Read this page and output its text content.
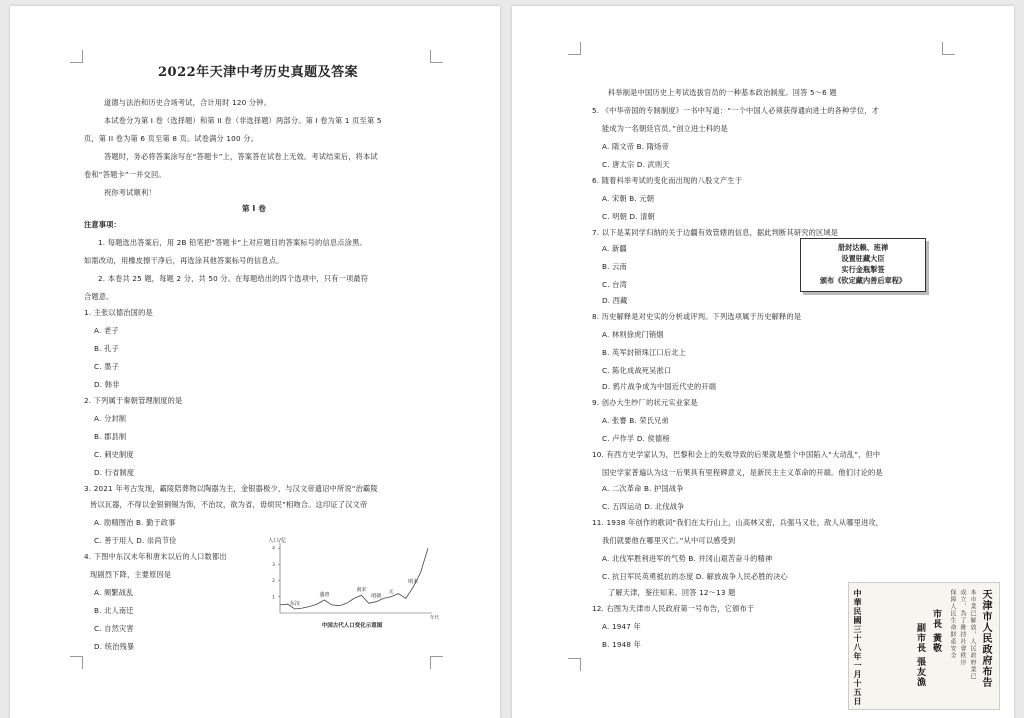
2022年天津中考历史真题及答案
道德与法治和历史合场考试，合计用时 120 分钟。
本试卷分为第 I 卷（选择题）和第 II 卷（非选择题）两部分。第 I 卷为第 1 页至第 5
页，第 II 卷为第 6 页至第 8 页。试卷满分 100 分。
答题时，务必将答案涂写在“答题卡”上，答案答在试卷上无效。考试结束后，将本试
卷和“答题卡”一并交回。
祝你考试顺利！
第 I 卷
注意事项：
1. 每题选出答案后，用 2B 铅笔把“答题卡”上对应题目的答案标号的信息点涂黑。
如需改动，用橡皮擦干净后，再选涂其他答案标号的信息点。
2. 本卷共 25 题，每题 2 分，共 50 分。在每题给出的四个选项中，只有一项最符
合题意。
1. 主张以德治国的是
A. 老子
B. 孔子
C. 墨子
D. 韩非
2. 下列属于秦朝管理制度的是
A. 分封制
B. 郡县制
C. 刺史制度
D. 行省制度
3. 2021 年考古发现，霸陵陪葬物以陶器为主，金银器极少，与汉文帝遗诏中所说“治霸陵
皆以瓦器，不得以金银铜锡为饰，不治坟，欲为省，毋烦民”相吻合。这印证了汉文帝
A. 励精图治 B. 勤于政事
C. 善于用人 D. 崇尚节俭
4. 下图中东汉末年和唐末以后的人口数都出
现剧烈下降，主要原因是
A. 频繁战乱
B. 北人南迁
C. 自然灾害
D. 统治残暴
人口/亿
4
3
2
1
东汉
盛唐
南宋
明朝
元
明末
年代
中国古代人口变化示意图
科举制是中国历史上考试选拔官员的一种基本政治制度。回答 5～6 题
5. 《中华帝国的专制制度》一书中写道：“一个中国人必须获得通向进士的各种学位，才
能成为一名朝廷官员。”创立进士科的是
A. 隋文帝 B. 隋炀帝
C. 唐太宗 D. 武则天
6. 随着科举考试的变化而出现的八股文产生于
A. 宋朝 B. 元朝
C. 明朝 D. 清朝
7. 以下是某同学归纳的关于边疆有效管辖的信息，据此判断其研究的区域是
A. 新疆
B. 云南
C. 台湾
D. 西藏
册封达赖、班禅
设置驻藏大臣
实行金瓶掣签
颁布《钦定藏内善后章程》
8. 历史解释是对史实的分析或评判。下列选项属于历史解释的是
A. 林则徐虎门销烟
B. 英军封锁珠江口后北上
C. 陈化成战死吴淞口
D. 鸦片战争成为中国近代史的开端
9. 创办大生纱厂的状元实业家是
A. 张謇 B. 荣氏兄弟
C. 卢作孚 D. 侯德榜
10. 有西方史学家认为，巴黎和会上的失败导致的后果就是整个中国陷入“大动乱”，但中
国史学家普遍认为这一后果具有里程碑意义，是新民主主义革命的开端。他们讨论的是
A. 二次革命 B. 护国战争
C. 五四运动 D. 北伐战争
11. 1938 年创作的歌词“我们在太行山上，山高林又密，兵强马又壮，敌人从哪里进攻，
我们就要他在哪里灭亡。”从中可以感受到
A. 北伐军胜利进军的气势 B. 井冈山艰苦奋斗的精神
C. 抗日军民英勇抵抗的态度 D. 解放战争人民必胜的决心
了解天津，鉴往知来。回答 12～13 题
12. 右图为天津市人民政府第一号布告，它颁布于
A. 1947 年
B. 1948 年	天津市人民政府布告
本市業已解放，人民政府業已
成立，為了維持社會秩序
保障人民生命財產安全
市長 黃敬
副市長 張友漁
中華民國三十八年一月十五日
